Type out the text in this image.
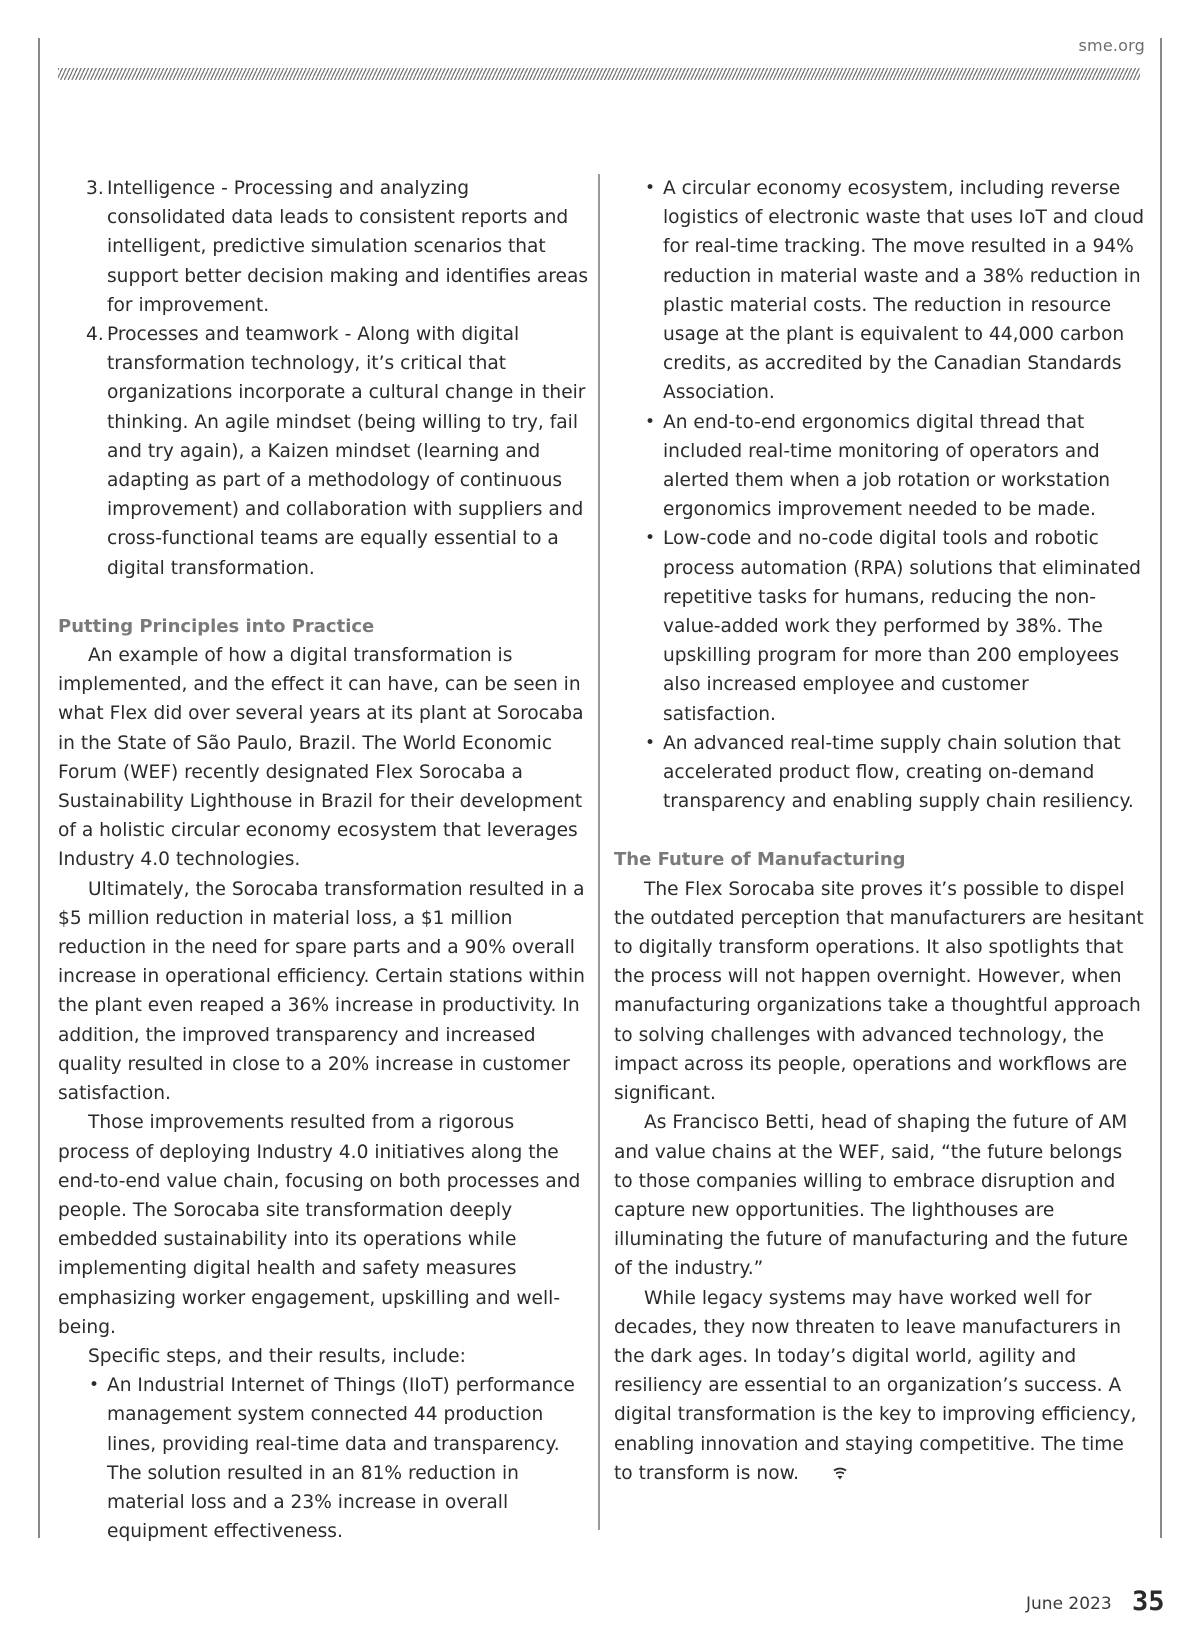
sme.org
3. Intelligence - Processing and analyzing consolidated data leads to consistent reports and intelligent, predictive simulation scenarios that support better decision making and identifies areas for improvement.
4. Processes and teamwork - Along with digital transformation technology, it’s critical that organizations incorporate a cultural change in their thinking. An agile mindset (being willing to try, fail and try again), a Kaizen mindset (learning and adapting as part of a methodology of continuous improvement) and collaboration with suppliers and cross-functional teams are equally essential to a digital transformation.
Putting Principles into Practice

An example of how a digital transformation is implemented, and the effect it can have, can be seen in what Flex did over several years at its plant at Sorocaba in the State of São Paulo, Brazil. The World Economic Forum (WEF) recently designated Flex Sorocaba a Sustainability Lighthouse in Brazil for their development of a holistic circular economy ecosystem that leverages Industry 4.0 technologies.

Ultimately, the Sorocaba transformation resulted in a $5 million reduction in material loss, a $1 million reduction in the need for spare parts and a 90% overall increase in operational efficiency. Certain stations within the plant even reaped a 36% increase in productivity. In addition, the improved transparency and increased quality resulted in close to a 20% increase in customer satisfaction.

Those improvements resulted from a rigorous process of deploying Industry 4.0 initiatives along the end-to-end value chain, focusing on both processes and people. The Sorocaba site transformation deeply embedded sustainability into its operations while implementing digital health and safety measures emphasizing worker engagement, upskilling and well-being.

Specific steps, and their results, include:

• An Industrial Internet of Things (IIoT) performance management system connected 44 production lines, providing real-time data and transparency. The solution resulted in an 81% reduction in material loss and a 23% increase in overall equipment effectiveness.
• A circular economy ecosystem, including reverse logistics of electronic waste that uses IoT and cloud for real-time tracking. The move resulted in a 94% reduction in material waste and a 38% reduction in plastic material costs. The reduction in resource usage at the plant is equivalent to 44,000 carbon credits, as accredited by the Canadian Standards Association.
• An end-to-end ergonomics digital thread that included real-time monitoring of operators and alerted them when a job rotation or workstation ergonomics improvement needed to be made.
• Low-code and no-code digital tools and robotic process automation (RPA) solutions that eliminated repetitive tasks for humans, reducing the non-value-added work they performed by 38%. The upskilling program for more than 200 employees also increased employee and customer satisfaction.
• An advanced real-time supply chain solution that accelerated product flow, creating on-demand transparency and enabling supply chain resiliency.
The Future of Manufacturing

The Flex Sorocaba site proves it’s possible to dispel the outdated perception that manufacturers are hesitant to digitally transform operations. It also spotlights that the process will not happen overnight. However, when manufacturing organizations take a thoughtful approach to solving challenges with advanced technology, the impact across its people, operations and workflows are significant.

As Francisco Betti, head of shaping the future of AM and value chains at the WEF, said, “the future belongs to those companies willing to embrace disruption and capture new opportunities. The lighthouses are illuminating the future of manufacturing and the future of the industry.”

While legacy systems may have worked well for decades, they now threaten to leave manufacturers in the dark ages. In today’s digital world, agility and resiliency are essential to an organization’s success. A digital transformation is the key to improving efficiency, enabling innovation and staying competitive. The time to transform is now.

June 2023 35
